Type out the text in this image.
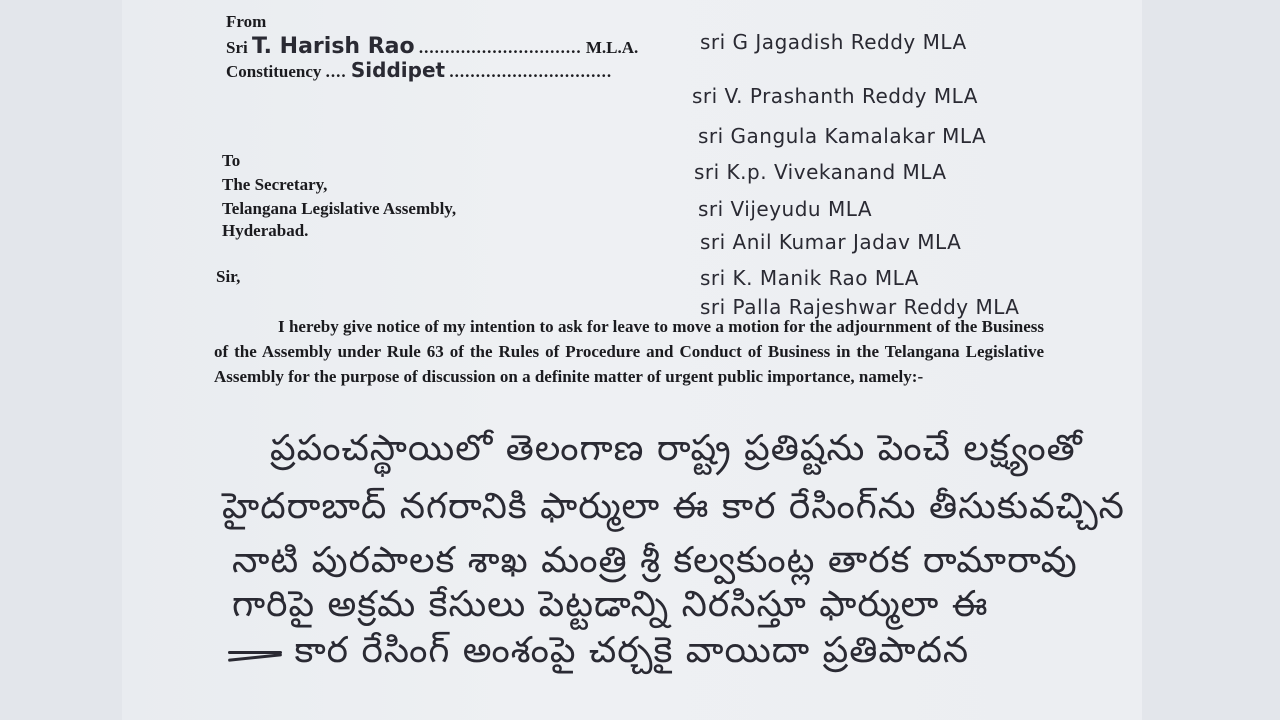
From
Sri T. Harish Rao ............................... M.L.A.
Constituency .... Siddipet ...............................
To
The Secretary,
Telangana Legislative Assembly,
Hyderabad.
Sir,
I hereby give notice of my intention to ask for leave to move a motion for the adjournment of the Business of the Assembly under Rule 63 of the Rules of Procedure and Conduct of Business in the Telangana Legislative Assembly for the purpose of discussion on a definite matter of urgent public importance, namely:-
sri G Jagadish Reddy MLA
sri V. Prashanth Reddy MLA
sri Gangula Kamalakar MLA
sri K.p. Vivekanand MLA
sri Vijeyudu MLA
sri Anil Kumar Jadav MLA
sri K. Manik Rao MLA
sri Palla Rajeshwar Reddy MLA
ప్రపంచస్థాయిలో తెలంగాణ రాష్ట్ర ప్రతిష్టను పెంచే లక్ష్యంతో
హైదరాబాద్ నగరానికి ఫార్ములా ఈ కార రేసింగ్‌ను తీసుకువచ్చిన
నాటి పురపాలక శాఖ మంత్రి శ్రీ కల్వకుంట్ల తారక రామారావు
గారిపై అక్రమ కేసులు పెట్టడాన్ని నిరసిస్తూ ఫార్ములా ఈ
కార రేసింగ్ అంశంపై చర్చకై వాయిదా ప్రతిపాదన
